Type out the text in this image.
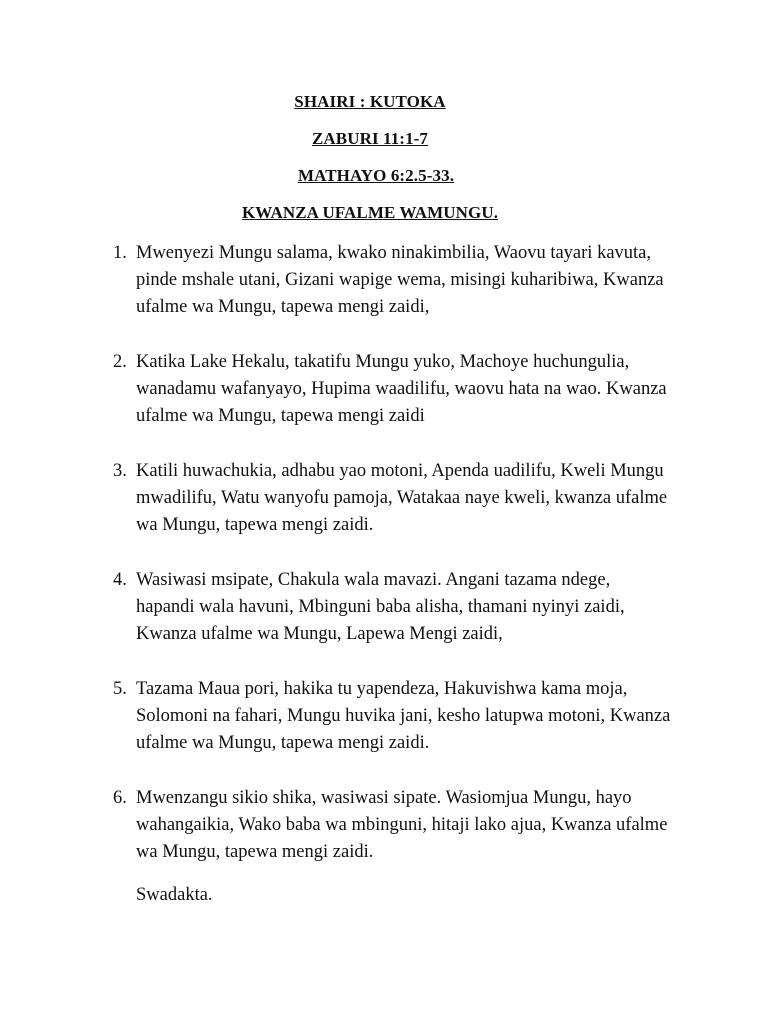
SHAIRI : KUTOKA
ZABURI 11:1-7
MATHAYO 6:2.5-33.
KWANZA UFALME WAMUNGU.
1. Mwenyezi Mungu salama, kwako ninakimbilia, Waovu tayari kavuta, pinde mshale utani, Gizani wapige wema, misingi kuharibiwa, Kwanza ufalme wa Mungu, tapewa mengi zaidi,
2. Katika Lake Hekalu, takatifu Mungu yuko, Machoye huchungulia, wanadamu wafanyayo, Hupima waadilifu, waovu hata na wao. Kwanza ufalme wa Mungu, tapewa mengi zaidi
3. Katili huwachukia, adhabu yao motoni, Apenda uadilifu, Kweli Mungu mwadilifu, Watu wanyofu pamoja, Watakaa naye kweli, kwanza ufalme wa Mungu, tapewa mengi zaidi.
4. Wasiwasi msipate, Chakula wala mavazi. Angani tazama ndege, hapandi wala havuni, Mbinguni baba alisha, thamani nyinyi zaidi, Kwanza ufalme wa Mungu, Lapewa Mengi zaidi,
5. Tazama Maua pori, hakika tu yapendeza, Hakuvishwa kama moja, Solomoni na fahari, Mungu huvika jani, kesho latupwa motoni, Kwanza ufalme wa Mungu, tapewa mengi zaidi.
6. Mwenzangu sikio shika, wasiwasi sipate. Wasiomjua Mungu, hayo wahangaikia, Wako baba wa mbinguni, hitaji lako ajua, Kwanza ufalme wa Mungu, tapewa mengi zaidi.
Swadakta.
